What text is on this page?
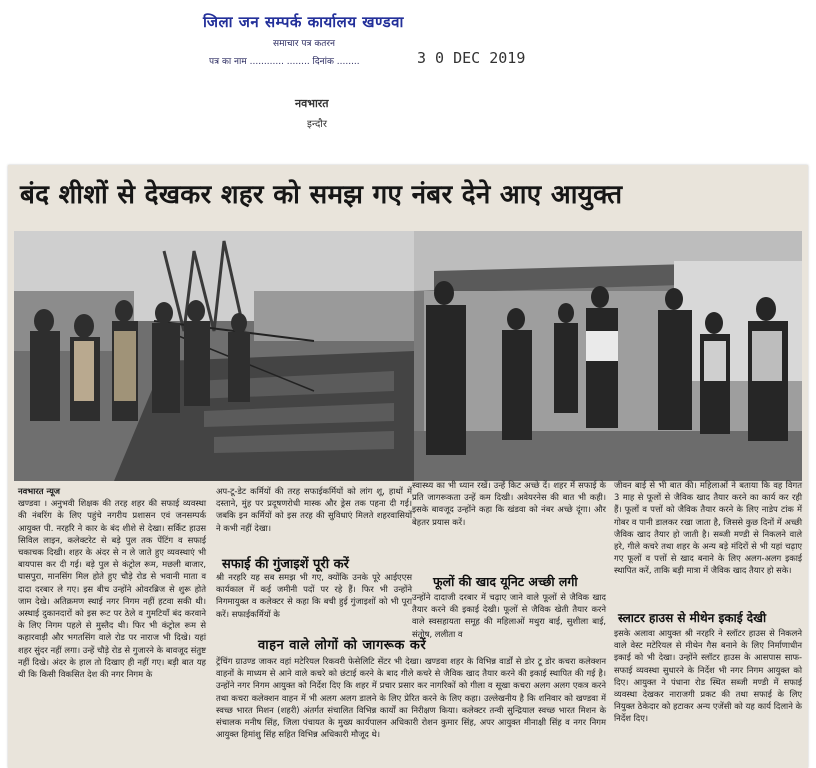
जिला जन सम्पर्क कार्यालय खण्डवा
समाचार पत्र कतरन
पत्र का नाम ............ ........ दिनांक ........	3 0 DEC 2019
नवभारत
इन्दौर
बंद शीशों से देखकर शहर को समझ गए नंबर देने आए आयुक्त

नवभारत न्यूज

खण्डवा । अनुभवी शिक्षक की तरह शहर की सफाई व्यवस्था की नंबरिंग के लिए पहुंचे नगरीय प्रशासन एवं जनसम्पर्क आयुक्त पी. नरहरि ने कार के बंद शीशे से देखा। सर्किट हाउस सिविल लाइन, कलेक्टरेट से बड़े पुल तक पेंटिंग व सफाई चकाचक दिखी। शहर के अंदर से न ले जाते हुए व्यवस्थाएं भी बायपास कर दी गई। बड़े पुल से कंट्रोल रूम, मछली बाजार, घासपुरा, मानसिंग मिल होते हुए चौड़े रोड से भवानी माता व दादा दरबार ले गए। इस बीच उन्होंने ओवरब्रिज से शुरू होते जाम देखे। अतिक्रमण स्थाई नगर निगम नहीं हटवा सकी थी। अस्थाई दुकानदारों को इस रूट पर ठेले व गुमटियाँ बंद करवाने के लिए निगम पहले से मुस्तैद थी। फिर भी कंट्रोल रूम से कहारवाड़ी और भगतसिंग वाले रोड पर नाराज भी दिखे। यहां शहर सुंदर नहीं लगा। उन्हें चौड़े रोड से गुजारने के बावजूद संतुष्ट नहीं दिखे। अंदर के हाल तो दिखाए ही नहीं गए। बड़ी बात यह थी कि किसी विकसित देश की नगर निगम के

अप-टू-डेट कर्मियों की तरह सफाईकर्मियों को लांग शू, हाथों में दस्ताने, मुंह पर प्रदूषणरोधी मास्क और ड्रेस तक पहना दी गई। जबकि इन कर्मियों को इस तरह की सुविधाएं मिलते शहरवासियों ने कभी नहीं देखा।

सफाई की गुंजाइशें पूरी करें

श्री नरहरि यह सब समझ भी गए, क्योंकि उनके पूरे आईएएस कार्यकाल में कई जमीनी पदों पर रहे हैं। फिर भी उन्होंने निगमायुक्त व कलेक्टर से कहा कि बची हुई गुंजाइशों को भी पूरा करें। सफाईकर्मियों के

स्वास्थ्य का भी ध्यान रखें। उन्हें किट अच्छे दें। शहर में सफाई के प्रति जागरूकता उन्हें कम दिखी। अवेयरनेस की बात भी कही। इसके बावजूद उन्होंने कहा कि खंडवा को नंबर अच्छे दूंगा। और बेहतर प्रयास करें।

फूलों की खाद यूनिट अच्छी लगी

उन्होंने दादाजी दरबार में चढ़ाए जाने वाले फूलों से जैविक खाद तैयार करने की इकाई देखी। फूलों से जैविक खेती तैयार करने वाले स्वसहायता समूह की महिलाओं मथुरा बाई, सुशीला बाई, संतोष, ललीता व

जीवन बाई से भी बात की। महिलाओं ने बताया कि वह विगत 3 माह से फूलों से जैविक खाद तैयार करने का कार्य कर रही हैं। फूलों व पत्तों को जैविक तैयार करने के लिए नाडेप टांक में गोबर व पानी डालकर रखा जाता है, जिससे कुछ दिनों में अच्छी जैविक खाद तैयार हो जाती है। सब्जी मण्डी से निकलने वाले हरे, गीले कचरे तथा शहर के अन्य बड़े मंदिरों से भी यहां चढ़ाए गए फूलों व पत्तों से खाद बनाने के लिए अलग-अलग इकाई स्थापित करें, ताकि बड़ी मात्रा में जैविक खाद तैयार हो सके।

स्लाटर हाउस से मीथेन इकाई देखी

इसके अलावा आयुक्त श्री नरहरि ने स्लॉटर हाउस से निकलने वाले वेस्ट मटेरियल से मीथेन गैस बनाने के लिए निर्माणाधीन इकाई को भी देखा। उन्होंने स्लॉटर हाउस के आसपास साफ-सफाई व्यवस्था सुधारने के निर्देश भी नगर निगम आयुक्त को दिए। आयुक्त ने पंधाना रोड स्थित सब्जी मण्डी में सफाई व्यवस्था देखकर नाराजगी प्रकट की तथा सफाई के लिए नियुक्त ठेकेदार को हटाकर अन्य एजेंसी को यह कार्य दिलाने के निर्देश दिए।

वाहन वाले लोगों को जागरूक करें

ट्रेंचिंग ग्राउण्ड जाकर वहां मटेरियल रिकवरी फेसेलिटि सेंटर भी देखा। खण्डवा शहर के विभिन्न वार्डों से डोर टू डोर कचरा कलेक्शन वाहनों के माध्यम से आने वाले कचरे को छंटाई करने के बाद गीले कचरे से जैविक खाद तैयार करने की इकाई स्थापित की गई है। उन्होंने नगर निगम आयुक्त को निर्देश दिए कि शहर में प्रचार प्रसार कर नागरिकों को गीला व सूखा कचरा अलग अलग एकत्र करने तथा कचरा कलेक्शन वाहन में भी अलग अलग डालने के लिए प्रेरित करने के लिए कहा। उल्लेखनीय है कि शनिवार को खण्डवा में स्वच्छ भारत मिशन (शहरी) अंतर्गत संचालित विभिन्न कार्यों का निरीक्षण किया। कलेक्टर तन्वी सुन्द्रियाल स्वच्छ भारत मिशन के संचालक मनीष सिंह, जिला पंचायत के मुख्य कार्यपालन अधिकारी रोशन कुमार सिंह, अपर आयुक्त मीनाक्षी सिंह व नगर निगम आयुक्त हिमांशु सिंह सहित विभिन्न अधिकारी मौजूद थे।
